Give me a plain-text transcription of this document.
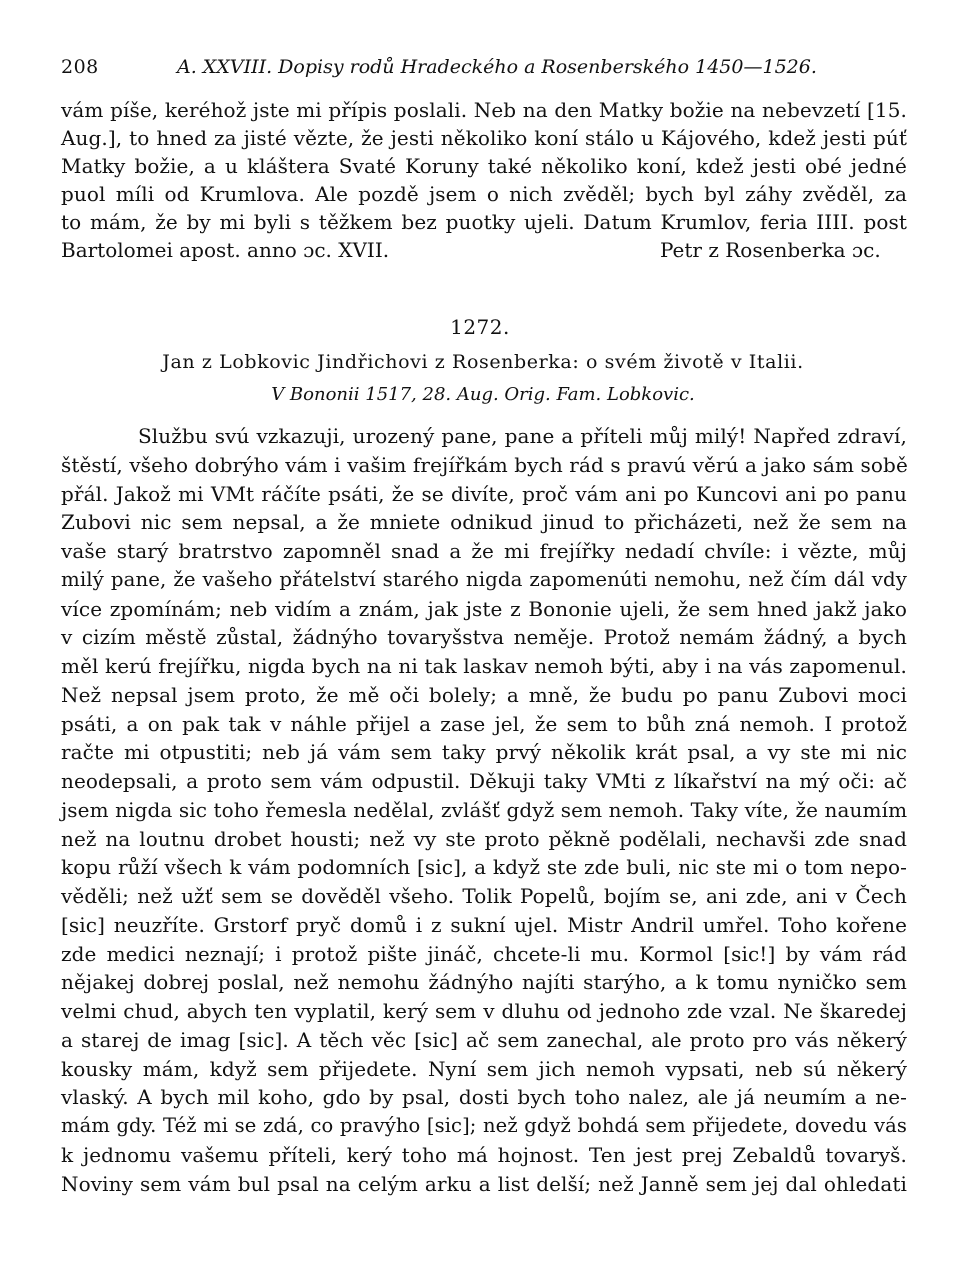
208	A. XXVIII. Dopisy rodů Hradeckého a Rosenberského 1450—1526.
vám píše, keréhož jste mi přípis poslali. Neb na den Matky božie na nebevzetí [15.
Aug.], to hned za jisté vězte, že jesti několiko koní stálo u Kájového, kdež jesti púť
Matky božie, a u kláštera Svaté Koruny také několiko koní, kdež jesti obé jedné
puol míli od Krumlova. Ale pozdě jsem o nich zvěděl; bych byl záhy zvěděl, za
to mám, že by mi byli s těžkem bez puotky ujeli. Datum Krumlov, feria IIII. post
Bartolomei apost. anno ɔc. XVII.	Petr z Rosenberka ɔc.
1272.
Jan z Lobkovic Jindřichovi z Rosenberka: o svém životě v Italii.
V Bononii 1517, 28. Aug. Orig. Fam. Lobkovic.
Službu svú vzkazuji, urozený pane, pane a příteli můj milý! Napřed zdraví,
štěstí, všeho dobrýho vám i vašim frejířkám bych rád s pravú věrú a jako sám sobě
přál. Jakož mi VMt ráčíte psáti, že se divíte, proč vám ani po Kuncovi ani po panu
Zubovi nic sem nepsal, a že mniete odnikud jinud to přicházeti, než že sem na
vaše starý bratrstvo zapomněl snad a že mi frejířky nedadí chvíle: i vězte, můj
milý pane, že vašeho přátelství starého nigda zapomenúti nemohu, než čím dál vdy
více zpomínám; neb vidím a znám, jak jste z Bononie ujeli, že sem hned jakž jako
v cizím městě zůstal, žádnýho tovaryšstva neměje. Protož nemám žádný, a bych
měl kerú frejířku, nigda bych na ni tak laskav nemoh býti, aby i na vás zapomenul.
Než nepsal jsem proto, že mě oči bolely; a mně, že budu po panu Zubovi moci
psáti, a on pak tak v náhle přijel a zase jel, že sem to bůh zná nemoh. I protož
račte mi otpustiti; neb já vám sem taky prvý několik krát psal, a vy ste mi nic
neodepsali, a proto sem vám odpustil. Děkuji taky VMti z líkařství na mý oči: ač
jsem nigda sic toho řemesla nedělal, zvlášť gdyž sem nemoh. Taky víte, že naumím
než na loutnu drobet housti; než vy ste proto pěkně podělali, nechavši zde snad
kopu růží všech k vám podomních [sic], a když ste zde buli, nic ste mi o tom nepo-
věděli; než užť sem se dověděl všeho. Tolik Popelů, bojím se, ani zde, ani v Čech
[sic] neuzříte. Grstorf pryč domů i z sukní ujel. Mistr Andril umřel. Toho kořene
zde medici neznají; i protož pište jináč, chcete-li mu. Kormol [sic!] by vám rád
nějakej dobrej poslal, než nemohu žádnýho najíti starýho, a k tomu nyničko sem
velmi chud, abych ten vyplatil, kerý sem v dluhu od jednoho zde vzal. Ne škaredej
a starej de imag [sic]. A těch věc [sic] ač sem zanechal, ale proto pro vás někerý
kousky mám, když sem přijedete. Nyní sem jich nemoh vypsati, neb sú někerý
vlaský. A bych mil koho, gdo by psal, dosti bych toho nalez, ale já neumím a ne-
mám gdy. Též mi se zdá, co pravýho [sic]; než gdyž bohdá sem přijedete, dovedu vás
k jednomu vašemu příteli, kerý toho má hojnost. Ten jest prej Zebaldů tovaryš.
Noviny sem vám bul psal na celým arku a list delší; než Janně sem jej dal ohledati
